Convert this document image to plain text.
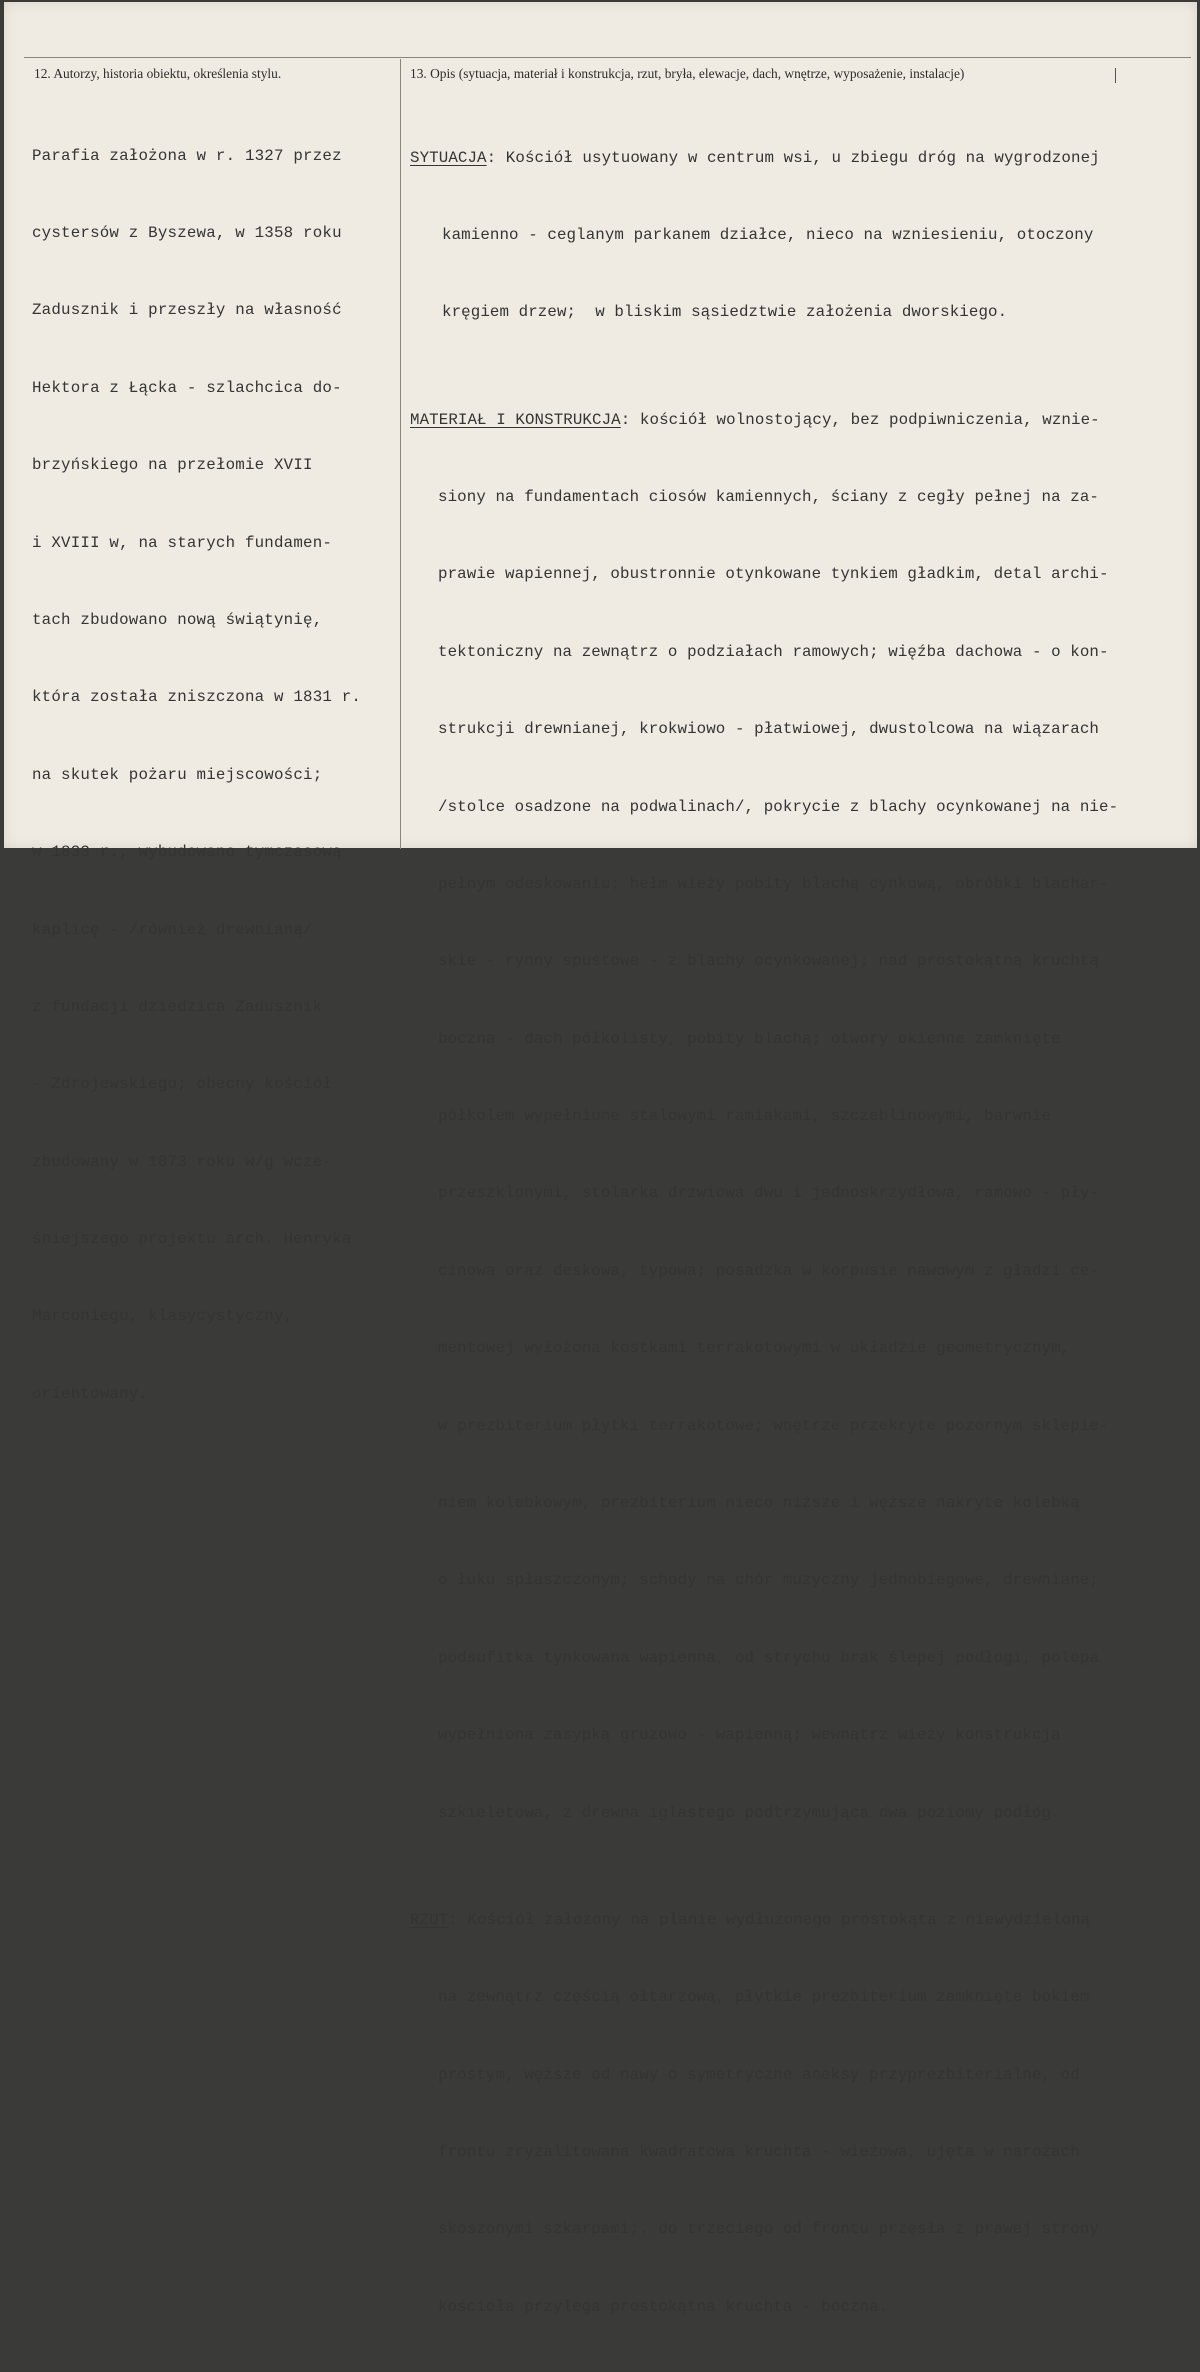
12. Autorzy, historia obiektu, określenia stylu.	13. Opis (sytuacja, materiał i konstrukcja, rzut, bryła, elewacje, dach, wnętrze, wyposażenie, instalacje)

Parafia założona w r. 1327 przez

cystersów z Byszewa, w 1358 roku

Zadusznik i przeszły na własność

Hektora z Łącka - szlachcica do-

brzyńskiego na przełomie XVII

i XVIII w, na starych fundamen-

tach zbudowano nową świątynię,

która została zniszczona w 1831 r.

na skutek pożaru miejscowości;

w 1833 r., wybudowano tymczasową

kaplicę - /również drewnianą/

z fundacji dziedzica Zadusznik

- Zdrojewskiego; obecny kościół

zbudowany w 1873 roku w/g wcze-

śniejszego projektu arch. Henryka

Marconiego, klasycystyczny,

orientowany.

SYTUACJA: Kościół usytuowany w centrum wsi, u zbiegu dróg na wygrodzonej

kamienno - ceglanym parkanem działce, nieco na wzniesieniu, otoczony

kręgiem drzew;  w bliskim sąsiedztwie założenia dworskiego.

MATERIAŁ I KONSTRUKCJA: kościół wolnostojący, bez podpiwniczenia, wznie-

siony na fundamentach ciosów kamiennych, ściany z cegły pełnej na za-

prawie wapiennej, obustronnie otynkowane tynkiem gładkim, detal archi-

tektoniczny na zewnątrz o podziałach ramowych; więźba dachowa - o kon-

strukcji drewnianej, krokwiowo - płatwiowej, dwustolcowa na wiązarach

/stolce osadzone na podwalinach/, pokrycie z blachy ocynkowanej na nie-

pełnym odeskowaniu; hełm wieży pobity blachą cynkową, obróbki blachar-

skie - rynny spustowe - z blachy ocynkowanej; nad prostokątną kruchtą

boczną - dach półkolisty, pobity blachą; otwory okienne zamknięte

półkolem wypełnione stalowymi ramiakami, szczeblinowymi, barwnie

przeszklonymi, stolarka drzwiowa dwu i jednoskrzydłowa, ramowo - pły-

cinowa oraz deskowa, typowa; posadzka w korpusie nawowym z gładzi ce-

mentowej wyłożona kostkami terrakotowymi w układzie geometrycznym,

w prezbiterium płytki terrakotowe; wnętrze przekryte pozornym sklepie-

niem kolebkowym, prezbiterium nieco niższe i węższe nakryte kolebką

o łuku spłaszczonym; schody na chór muzyczny jednobiegowe, drewniane;

podsufitka tynkowana wapienna, od strychu brak ślepej podłogi, polepa

wypełniona zasypką gruzowo - wapienną; wewnątrz wieży konstrukcja

szkieletowa, z drewna iglastego podtrzymująca dwa poziomy podłóg.

RZUT: Kościół założony na planie wydłużonego prostokąta z niewydzieloną

na zewnątrz częścią ołtarzową, płytkie prezbiterium zamknięte bokiem

prostym, węższe od nawy o symetryczne aneksy przyprezbiterialne, od

frontu zryzalitowana kwadratowa kruchta - wieżowa, ujęta w narożach

skoszonymi szkarpami;. do trzeciego od frontu przęsła z prawej strony

kościoła przylega prostokątna kruchta - boczna.
